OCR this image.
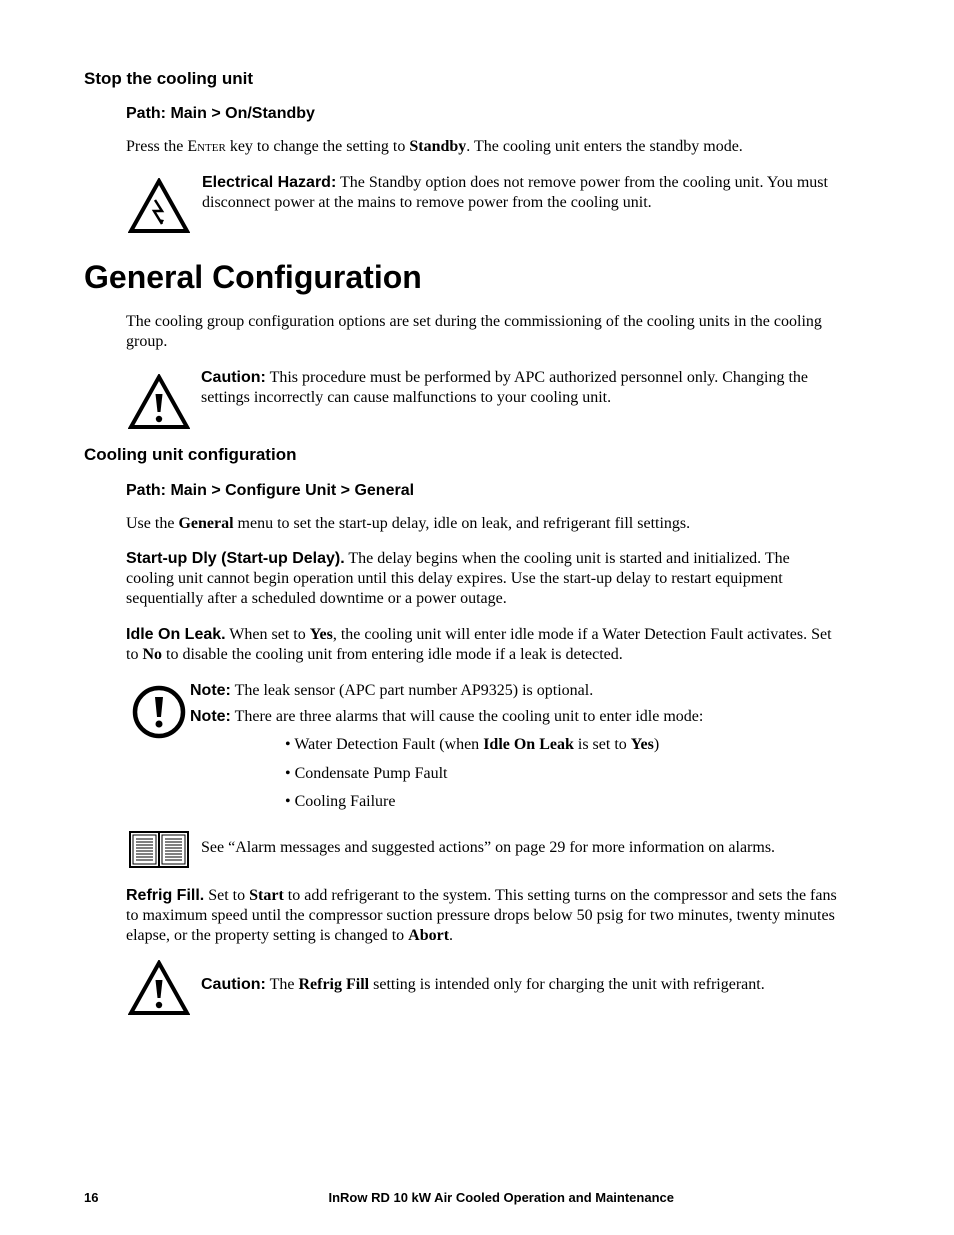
Stop the cooling unit
Path: Main > On/Standby
Press the Enter key to change the setting to Standby. The cooling unit enters the standby mode.
Electrical Hazard: The Standby option does not remove power from the cooling unit. You must disconnect power at the mains to remove power from the cooling unit.
General Configuration
The cooling group configuration options are set during the commissioning of the cooling units in the cooling group.
Caution: This procedure must be performed by APC authorized personnel only. Changing the settings incorrectly can cause malfunctions to your cooling unit.
Cooling unit configuration
Path: Main > Configure Unit > General
Use the General menu to set the start-up delay, idle on leak, and refrigerant fill settings.
Start-up Dly (Start-up Delay). The delay begins when the cooling unit is started and initialized. The cooling unit cannot begin operation until this delay expires. Use the start-up delay to restart equipment sequentially after a scheduled downtime or a power outage.
Idle On Leak. When set to Yes, the cooling unit will enter idle mode if a Water Detection Fault activates. Set to No to disable the cooling unit from entering idle mode if a leak is detected.
Note: The leak sensor (APC part number AP9325) is optional.
Note: There are three alarms that will cause the cooling unit to enter idle mode:
• Water Detection Fault (when Idle On Leak is set to Yes)
• Condensate Pump Fault
• Cooling Failure
See “Alarm messages and suggested actions” on page 29 for more information on alarms.
Refrig Fill. Set to Start to add refrigerant to the system. This setting turns on the compressor and sets the fans to maximum speed until the compressor suction pressure drops below 50 psig for two minutes, twenty minutes elapse, or the property setting is changed to Abort.
Caution: The Refrig Fill setting is intended only for charging the unit with refrigerant.
16	InRow RD 10 kW Air Cooled Operation and Maintenance
